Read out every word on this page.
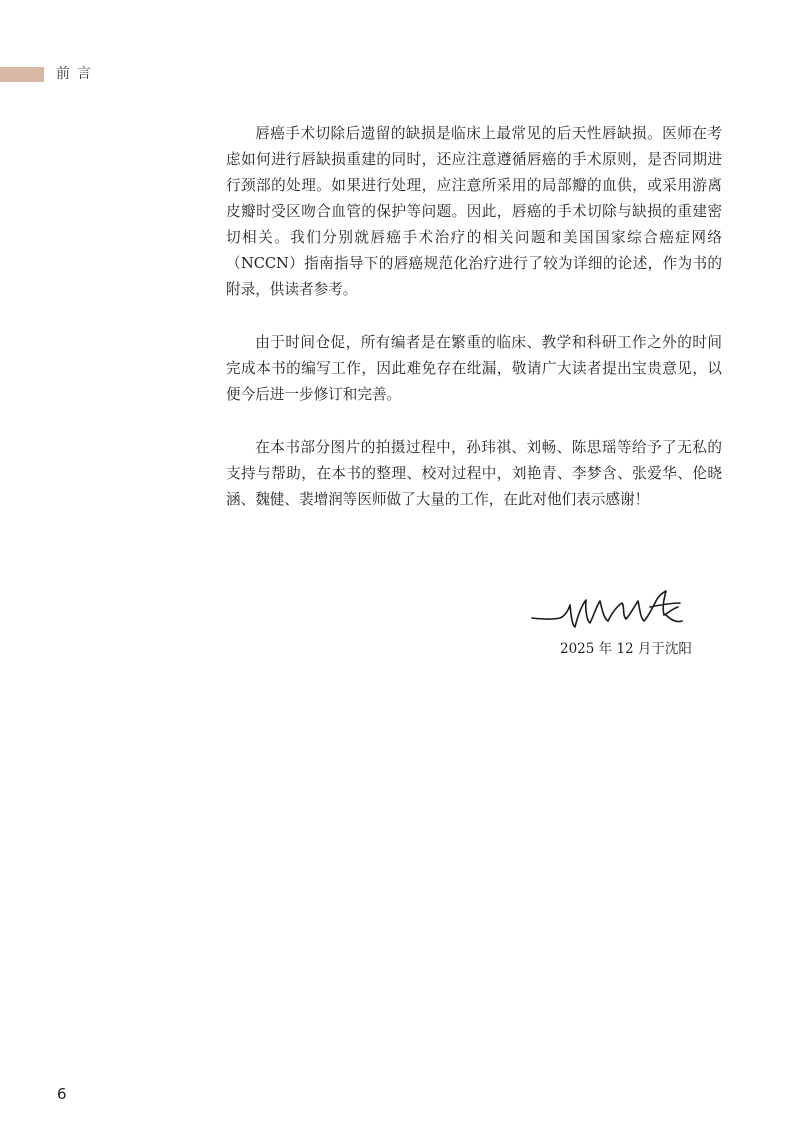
前言

唇癌手术切除后遗留的缺损是临床上最常见的后天性唇缺损。医师在考虑如何进行唇缺损重建的同时，还应注意遵循唇癌的手术原则，是否同期进行颈部的处理。如果进行处理，应注意所采用的局部瓣的血供，或采用游离皮瓣时受区吻合血管的保护等问题。因此，唇癌的手术切除与缺损的重建密切相关。我们分别就唇癌手术治疗的相关问题和美国国家综合癌症网络（NCCN）指南指导下的唇癌规范化治疗进行了较为详细的论述，作为书的附录，供读者参考。

由于时间仓促，所有编者是在繁重的临床、教学和科研工作之外的时间完成本书的编写工作，因此难免存在纰漏，敬请广大读者提出宝贵意见，以便今后进一步修订和完善。

在本书部分图片的拍摄过程中，孙玮祺、刘畅、陈思瑶等给予了无私的支持与帮助，在本书的整理、校对过程中，刘艳青、李梦含、张爱华、伦晓涵、魏健、裴增润等医师做了大量的工作，在此对他们表示感谢！

2025 年 12 月于沈阳
6
